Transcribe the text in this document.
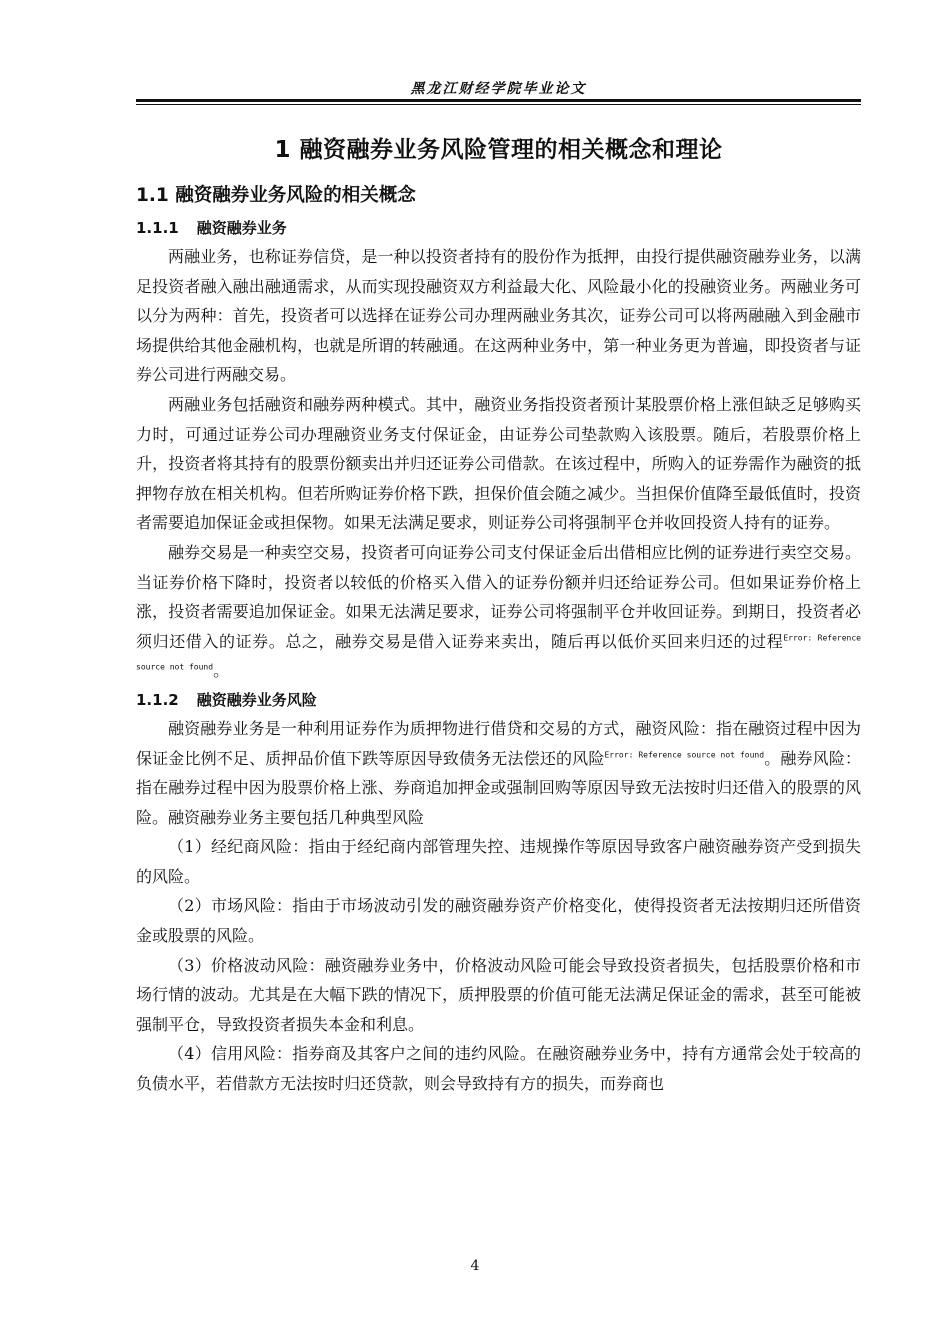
黑龙江财经学院毕业论文
1 融资融券业务风险管理的相关概念和理论
1.1 融资融券业务风险的相关概念
1.1.1 融资融券业务

两融业务，也称证券信贷，是一种以投资者持有的股份作为抵押，由投行提供融资融券业务，以满足投资者融入融出融通需求，从而实现投融资双方利益最大化、风险最小化的投融资业务。两融业务可以分为两种：首先，投资者可以选择在证券公司办理两融业务其次，证券公司可以将两融融入到金融市场提供给其他金融机构，也就是所谓的转融通。在这两种业务中，第一种业务更为普遍，即投资者与证券公司进行两融交易。

两融业务包括融资和融券两种模式。其中，融资业务指投资者预计某股票价格上涨但缺乏足够购买力时，可通过证券公司办理融资业务支付保证金，由证券公司垫款购入该股票。随后，若股票价格上升，投资者将其持有的股票份额卖出并归还证券公司借款。在该过程中，所购入的证券需作为融资的抵押物存放在相关机构。但若所购证券价格下跌，担保价值会随之减少。当担保价值降至最低值时，投资者需要追加保证金或担保物。如果无法满足要求，则证券公司将强制平仓并收回投资人持有的证券。

融券交易是一种卖空交易，投资者可向证券公司支付保证金后出借相应比例的证券进行卖空交易。当证券价格下降时，投资者以较低的价格买入借入的证券份额并归还给证券公司。但如果证券价格上涨，投资者需要追加保证金。如果无法满足要求，证券公司将强制平仓并收回证券。到期日，投资者必须归还借入的证券。总之，融券交易是借入证券来卖出，随后再以低价买回来归还的过程$^{Error: Reference source not found}$。

1.1.2 融资融券业务风险

融资融券业务是一种利用证券作为质押物进行借贷和交易的方式，融资风险：指在融资过程中因为保证金比例不足、质押品价值下跌等原因导致债务无法偿还的风险$^{Error: Reference source not found}$。融券风险：指在融券过程中因为股票价格上涨、券商追加押金或强制回购等原因导致无法按时归还借入的股票的风险。融资融券业务主要包括几种典型风险

（1）经纪商风险：指由于经纪商内部管理失控、违规操作等原因导致客户融资融券资产受到损失的风险。

（2）市场风险：指由于市场波动引发的融资融券资产价格变化，使得投资者无法按期归还所借资金或股票的风险。

（3）价格波动风险：融资融券业务中，价格波动风险可能会导致投资者损失，包括股票价格和市场行情的波动。尤其是在大幅下跌的情况下，质押股票的价值可能无法满足保证金的需求，甚至可能被强制平仓，导致投资者损失本金和利息。

（4）信用风险：指券商及其客户之间的违约风险。在融资融券业务中，持有方通常会处于较高的负债水平，若借款方无法按时归还贷款，则会导致持有方的损失，而券商也

4
